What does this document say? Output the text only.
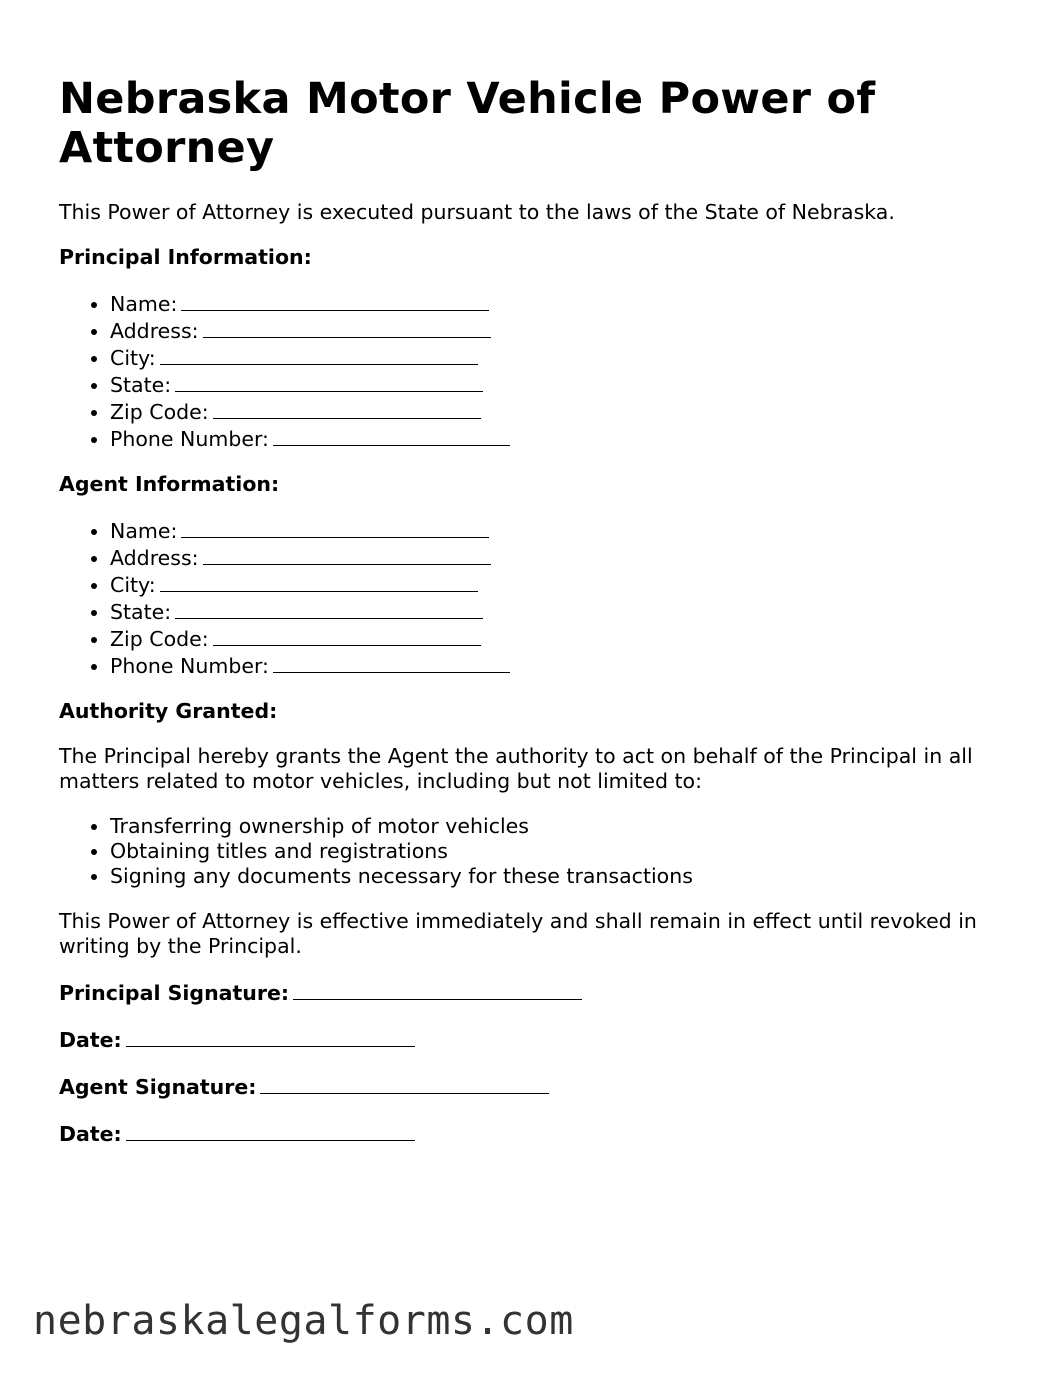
Nebraska Motor Vehicle Power of Attorney

This Power of Attorney is executed pursuant to the laws of the State of Nebraska.

Principal Information:

• Name:
• Address:
• City:
• State:
• Zip Code:
• Phone Number:

Agent Information:

• Name:
• Address:
• City:
• State:
• Zip Code:
• Phone Number:

Authority Granted:

The Principal hereby grants the Agent the authority to act on behalf of the Principal in all matters related to motor vehicles, including but not limited to:

• Transferring ownership of motor vehicles
• Obtaining titles and registrations
• Signing any documents necessary for these transactions

This Power of Attorney is effective immediately and shall remain in effect until revoked in writing by the Principal.

Principal Signature:
Date:
Agent Signature:
Date:
nebraskalegalforms.com
